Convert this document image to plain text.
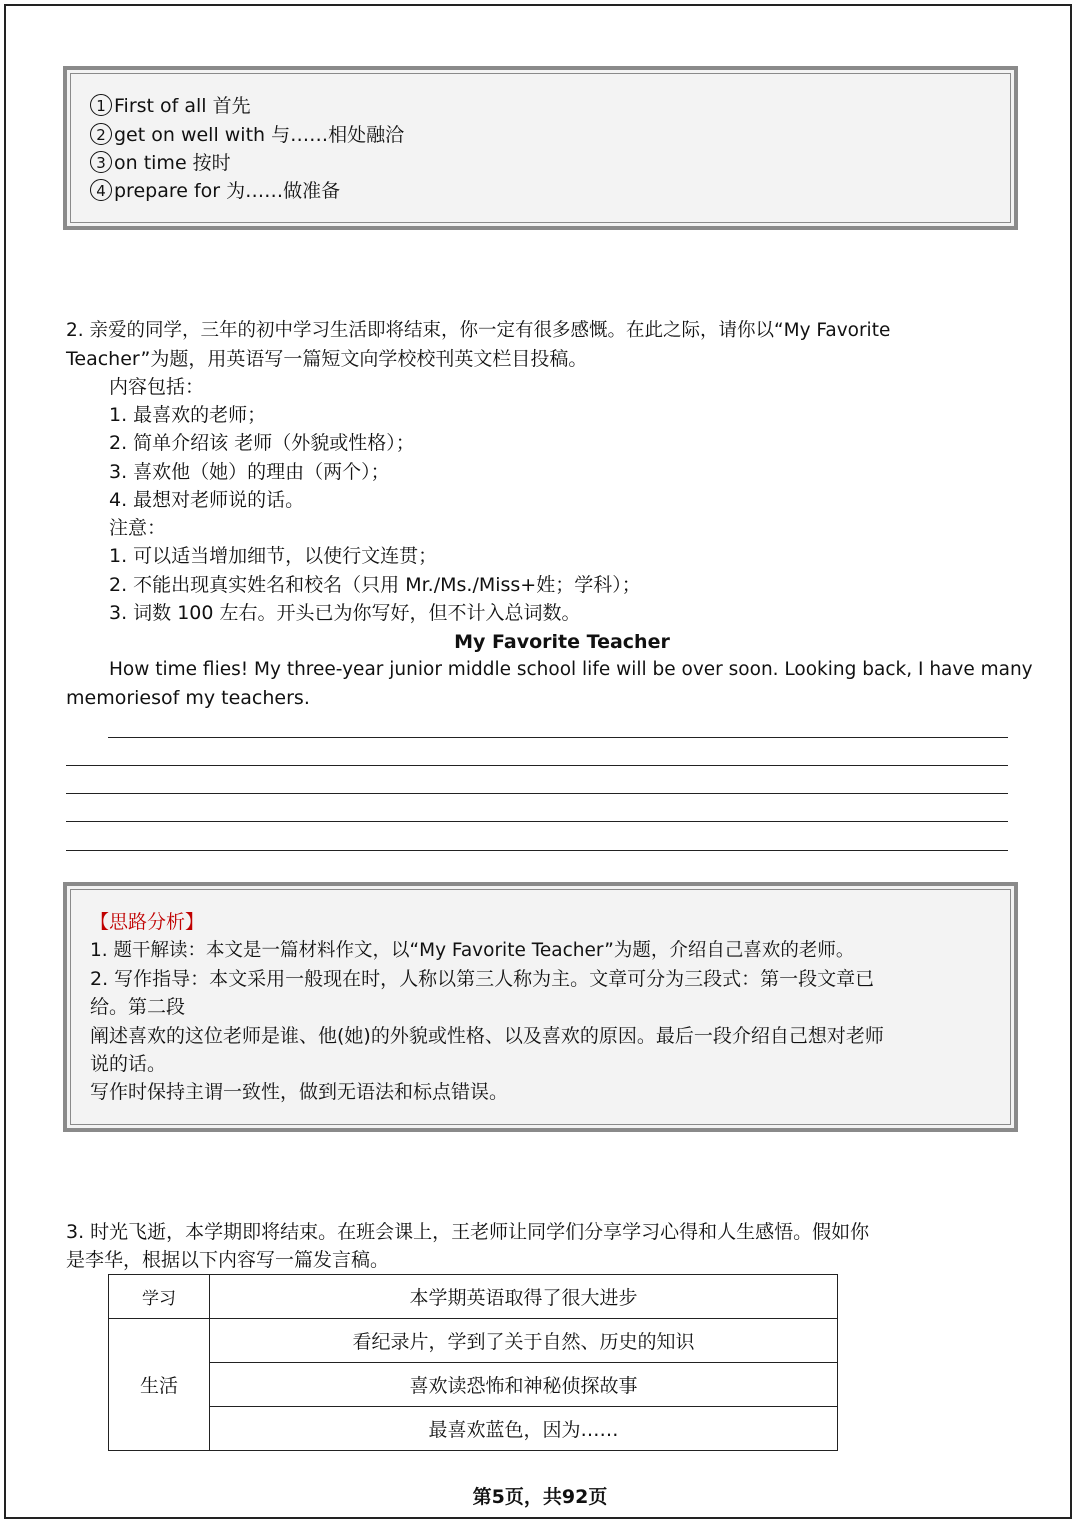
1 First of all 首先
2 get on well with 与……相处融洽
3 on time 按时
4 prepare for 为……做准备
2. 亲爱的同学，三年的初中学习生活即将结束，你一定有很多感慨。在此之际，请你以“My Favorite
Teacher”为题，用英语写一篇短文向学校校刊英文栏目投稿。
内容包括：
1. 最喜欢的老师；
2. 简单介绍该 老师（外貌或性格）；
3. 喜欢他（她）的理由（两个）；
4. 最想对老师说的话。
注意：
1. 可以适当增加细节，以使行文连贯；
2. 不能出现真实姓名和校名（只用 Mr./Ms./Miss+姓；学科）；
3. 词数 100 左右。开头已为你写好，但不计入总词数。
My Favorite Teacher
How time flies! My three-year junior middle school life will be over soon. Looking back, I have many
memoriesof my teachers.
【思路分析】
1. 题干解读：本文是一篇材料作文，以“My Favorite Teacher”为题，介绍自己喜欢的老师。
2. 写作指导：本文采用一般现在时，人称以第三人称为主。文章可分为三段式：第一段文章已
给。第二段
阐述喜欢的这位老师是谁、他(她)的外貌或性格、以及喜欢的原因。最后一段介绍自己想对老师
说的话。
写作时保持主谓一致性，做到无语法和标点错误。
3. 时光飞逝，本学期即将结束。在班会课上，王老师让同学们分享学习心得和人生感悟。假如你
是李华，根据以下内容写一篇发言稿。
学习	本学期英语取得了很大进步
生活	看纪录片，学到了关于自然、历史的知识
	喜欢读恐怖和神秘侦探故事
	最喜欢蓝色，因为……
第5页，共92页
